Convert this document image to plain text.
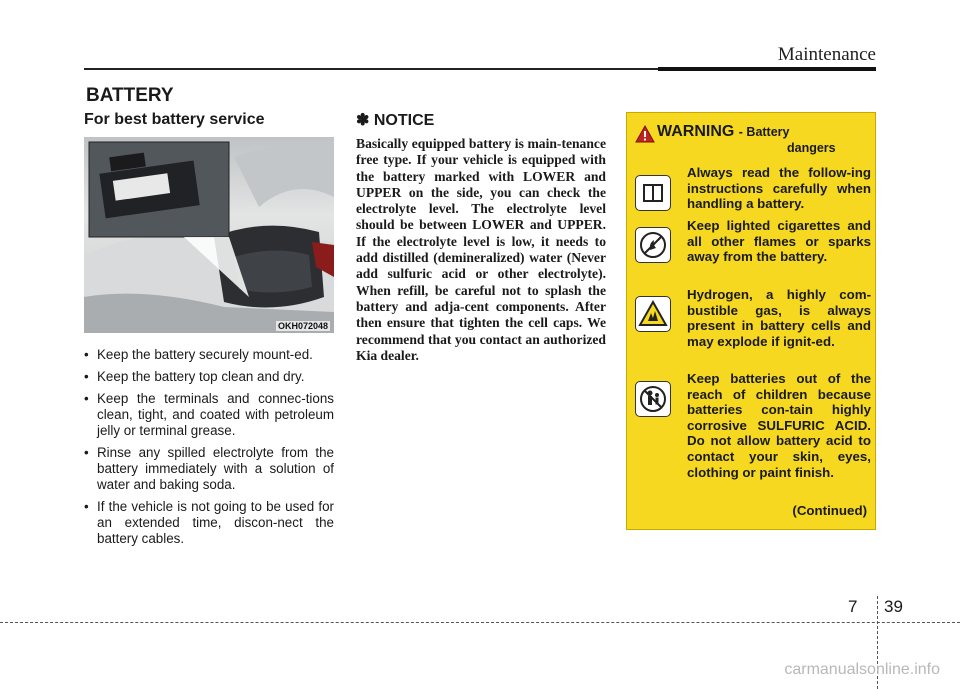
Maintenance
BATTERY
For best battery service
OKH072048
• Keep the battery securely mount-ed.
• Keep the battery top clean and dry.
• Keep the terminals and connec-tions clean, tight, and coated with petroleum jelly or terminal grease.
• Rinse any spilled electrolyte from the battery immediately with a solution of water and baking soda.
• If the vehicle is not going to be used for an extended time, discon-nect the battery cables.
✽ NOTICE

Basically equipped battery is main-tenance free type. If your vehicle is equipped with the battery marked with LOWER and UPPER on the side, you can check the electrolyte level. The electrolyte level should be between LOWER and UPPER. If the electrolyte level is low, it needs to add distilled (demineralized) water (Never add sulfuric acid or other electrolyte). When refill, be careful not to splash the battery and adja-cent components. After then ensure that tighten the cell caps. We recommend that you contact an authorized Kia dealer.

WARNING - Battery
dangers
Always read the follow-ing instructions carefully when handling a battery.
Keep lighted cigarettes and all other flames or sparks away from the battery.
Hydrogen, a highly com-bustible gas, is always present in battery cells and may explode if ignit-ed.
Keep batteries out of the reach of children because batteries con-tain highly corrosive SULFURIC ACID. Do not allow battery acid to contact your skin, eyes, clothing or paint finish.
(Continued)
7 39
carmanualsonline.info
